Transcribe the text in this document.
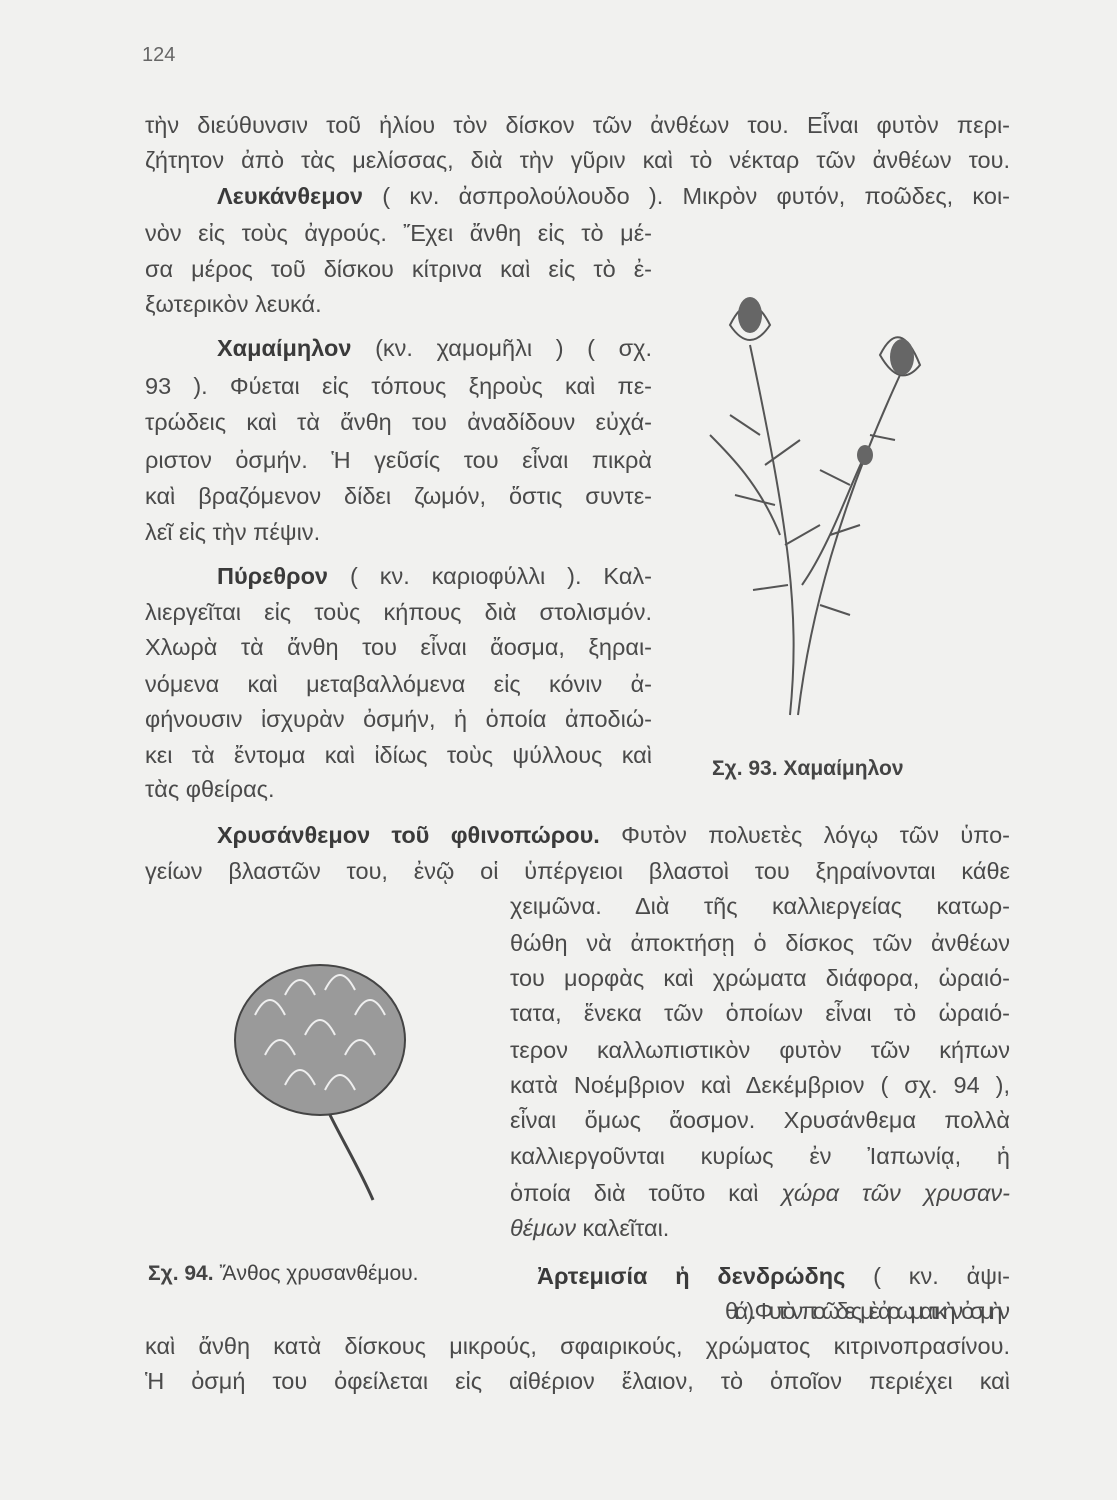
124
τὴν διεύθυνσιν τοῦ ἡλίου τὸν δίσκον τῶν ἀνθέων του. Εἶναι φυτὸν περι-
ζήτητον ἀπὸ τὰς μελίσσας, διὰ τὴν γῦριν καὶ τὸ νέκταρ τῶν ἀνθέων του.
Λευκάνθεμον ( κν. ἀσπρολούλουδο ). Μικρὸν φυτόν, ποῶδες, κοι-
νὸν εἰς τοὺς ἀγρούς. Ἔχει ἄνθη εἰς τὸ μέ-
σα μέρος τοῦ δίσκου κίτρινα καὶ εἰς τὸ ἐ-
ξωτερικὸν λευκά.
Χαμαίμηλον (κν. χαμομῆλι ) ( σχ.
93 ). Φύεται εἰς τόπους ξηροὺς καὶ πε-
τρώδεις καὶ τὰ ἄνθη του ἀναδίδουν εὐχά-
ριστον ὀσμήν. Ἡ γεῦσίς του εἶναι πικρὰ
καὶ βραζόμενον δίδει ζωμόν, ὅστις συντε-
λεῖ εἰς τὴν πέψιν.
Πύρεθρον ( κν. καριοφύλλι ). Καλ-
λιεργεῖται εἰς τοὺς κήπους διὰ στολισμόν.
Χλωρὰ τὰ ἄνθη του εἶναι ἄοσμα, ξηραι-
νόμενα καὶ μεταβαλλόμενα εἰς κόνιν ἀ-
φήνουσιν ἰσχυρὰν ὀσμήν, ἡ ὁποία ἀποδιώ-
κει τὰ ἔντομα καὶ ἰδίως τοὺς ψύλλους καὶ
τὰς φθείρας.
Χρυσάνθεμον τοῦ φθινοπώρου. Φυτὸν πολυετὲς λόγῳ τῶν ὑπο-
γείων βλαστῶν του, ἐνῷ οἱ ὑπέργειοι βλαστοὶ του ξηραίνονται κάθε
χειμῶνα. Διὰ τῆς καλλιεργείας κατωρ-
θώθη νὰ ἀποκτήσῃ ὁ δίσκος τῶν ἀνθέων
του μορφὰς καὶ χρώματα διάφορα, ὡραιό-
τατα, ἕνεκα τῶν ὁποίων εἶναι τὸ ὡραιό-
τερον καλλωπιστικὸν φυτὸν τῶν κήπων
κατὰ Νοέμβριον καὶ Δεκέμβριον ( σχ. 94 ),
εἶναι ὅμως ἄοσμον. Χρυσάνθεμα πολλὰ
καλλιεργοῦνται κυρίως ἐν Ἰαπωνίᾳ, ἡ
ὁποία διὰ τοῦτο καὶ χώρα τῶν χρυσαν-
θέμων καλεῖται.
Ἀρτεμισία ἡ δενδρώδης ( κν. ἀψι-
θιά ). Φυτὸν ποῶδες μὲ ἀρωματικὴν ὀσμὴν
καὶ ἄνθη κατὰ δίσκους μικρούς, σφαιρικούς, χρώματος κιτρινοπρασίνου.
Ἡ ὀσμή του ὀφείλεται εἰς αἰθέριον ἔλαιον, τὸ ὁποῖον περιέχει καὶ
Σχ. 93. Χαμαίμηλον
Σχ. 94. Ἄνθος χρυσανθέμου.
